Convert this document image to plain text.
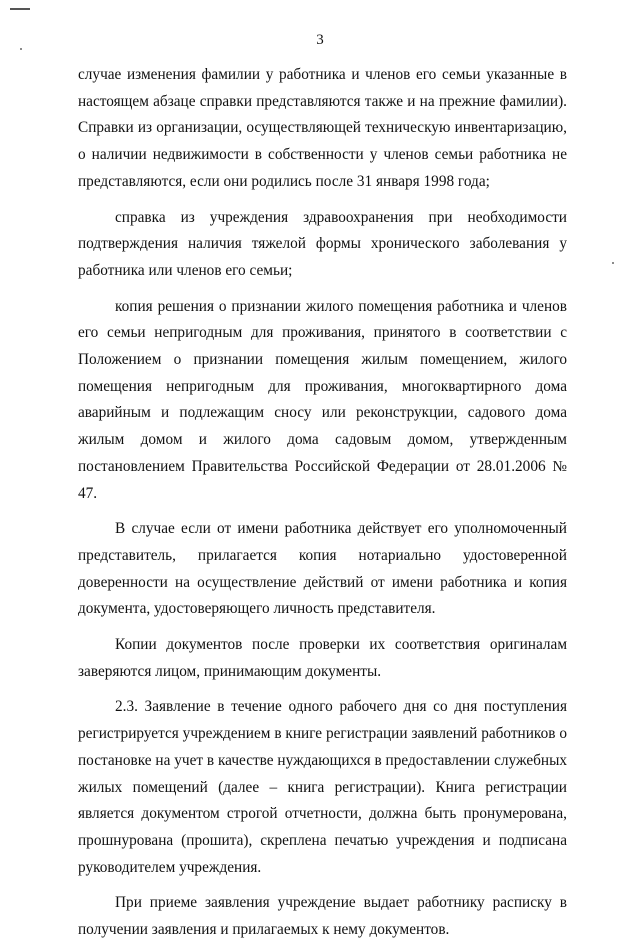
3

случае изменения фамилии у работника и членов его семьи указанные в настоящем абзаце справки представляются также и на прежние фамилии). Справки из организации, осуществляющей техническую инвентаризацию, о наличии недвижимости в собственности у членов семьи работника не представляются, если они родились после 31 января 1998 года;

справка из учреждения здравоохранения при необходимости подтверждения наличия тяжелой формы хронического заболевания у работника или членов его семьи;

копия решения о признании жилого помещения работника и членов его семьи непригодным для проживания, принятого в соответствии с Положением о признании помещения жилым помещением, жилого помещения непригодным для проживания, многоквартирного дома аварийным и подлежащим сносу или реконструкции, садового дома жилым домом и жилого дома садовым домом, утвержденным постановлением Правительства Российской Федерации от 28.01.2006 № 47.

В случае если от имени работника действует его уполномоченный представитель, прилагается копия нотариально удостоверенной доверенности на осуществление действий от имени работника и копия документа, удостоверяющего личность представителя.

Копии документов после проверки их соответствия оригиналам заверяются лицом, принимающим документы.

2.3. Заявление в течение одного рабочего дня со дня поступления регистрируется учреждением в книге регистрации заявлений работников о постановке на учет в качестве нуждающихся в предоставлении служебных жилых помещений (далее – книга регистрации). Книга регистрации является документом строгой отчетности, должна быть пронумерована, прошнурована (прошита), скреплена печатью учреждения и подписана руководителем учреждения.

При приеме заявления учреждение выдает работнику расписку в получении заявления и прилагаемых к нему документов.
